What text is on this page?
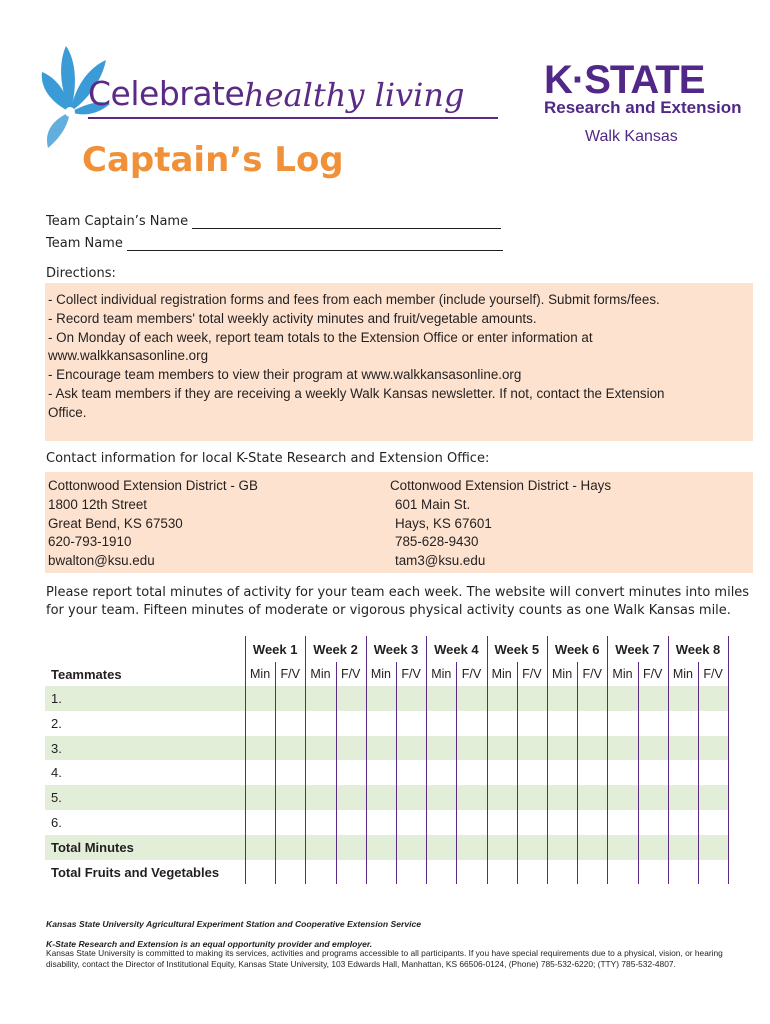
Celebrate healthy living
Captain’s Log
K·STATE
Research and Extension
Walk Kansas
Team Captain’s Name
Team Name
Directions:
- Collect individual registration forms and fees from each member (include yourself). Submit forms/fees.
- Record team members' total weekly activity minutes and fruit/vegetable amounts.
- On Monday of each week, report team totals to the Extension Office or enter information at
www.walkkansasonline.org
- Encourage team members to view their program at www.walkkansasonline.org
- Ask team members if they are receiving a weekly Walk Kansas newsletter. If not, contact the Extension
Office.
Contact information for local K-State Research and Extension Office:
Cottonwood Extension District - GB
1800 12th Street
Great Bend, KS 67530
620-793-1910
bwalton@ksu.edu
Cottonwood Extension District - Hays
601 Main St.
Hays, KS 67601
785-628-9430
tam3@ksu.edu
Please report total minutes of activity for your team each week. The website will convert minutes into miles for your team. Fifteen minutes of moderate or vigorous physical activity counts as one Walk Kansas mile.
Week 1
Min F/V
Week 2
Min F/V
Week 3
Min F/V
Week 4
Min F/V
Week 5
Min F/V
Week 6
Min F/V
Week 7
Min F/V
Week 8
Min F/V
Teammates
1.
2.
3.
4.
5.
6.
Total Minutes
Total Fruits and Vegetables
Kansas State University Agricultural Experiment Station and Cooperative Extension Service
K-State Research and Extension is an equal opportunity provider and employer.
Kansas State University is committed to making its services, activities and programs accessible to all participants. If you have special requirements due to a physical, vision, or hearing disability, contact the Director of Institutional Equity, Kansas State University, 103 Edwards Hall, Manhattan, KS 66506-0124, (Phone) 785-532-6220; (TTY) 785-532-4807.
